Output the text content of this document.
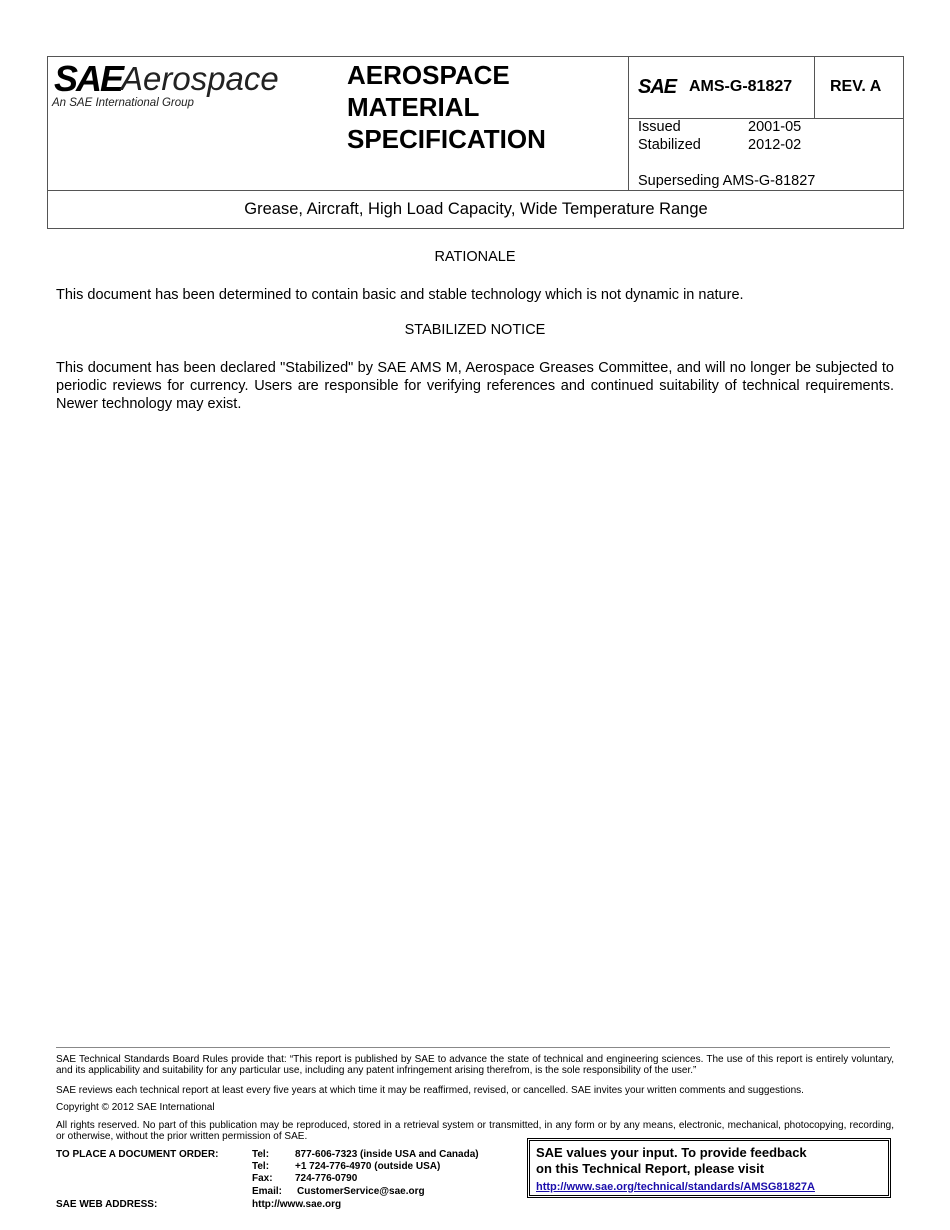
SAE
Aerospace
An SAE International Group
AEROSPACE
MATERIAL
SPECIFICATION
SAE AMS-G-81827 REV. A
Issued	2001-05
Stabilized	2012-02
Superseding AMS-G-81827
Grease, Aircraft, High Load Capacity, Wide Temperature Range
RATIONALE
This document has been determined to contain basic and stable technology which is not dynamic in nature.
STABILIZED NOTICE
This document has been declared "Stabilized" by SAE AMS M, Aerospace Greases Committee, and will no longer be subjected to periodic reviews for currency. Users are responsible for verifying references and continued suitability of technical requirements. Newer technology may exist.
SAE Technical Standards Board Rules provide that: “This report is published by SAE to advance the state of technical and engineering sciences. The use of this report is entirely voluntary, and its applicability and suitability for any particular use, including any patent infringement arising therefrom, is the sole responsibility of the user.”
SAE reviews each technical report at least every five years at which time it may be reaffirmed, revised, or cancelled. SAE invites your written comments and suggestions.
Copyright © 2012 SAE International
All rights reserved. No part of this publication may be reproduced, stored in a retrieval system or transmitted, in any form or by any means, electronic, mechanical, photocopying, recording, or otherwise, without the prior written permission of SAE.
TO PLACE A DOCUMENT ORDER:	Tel:	877-606-7323 (inside USA and Canada)
Tel:	+1 724-776-4970 (outside USA)
Fax: 724-776-0790
Email: CustomerService@sae.org
SAE WEB ADDRESS:	http://www.sae.org
SAE values your input. To provide feedback
on this Technical Report, please visit
http://www.sae.org/technical/standards/AMSG81827A
